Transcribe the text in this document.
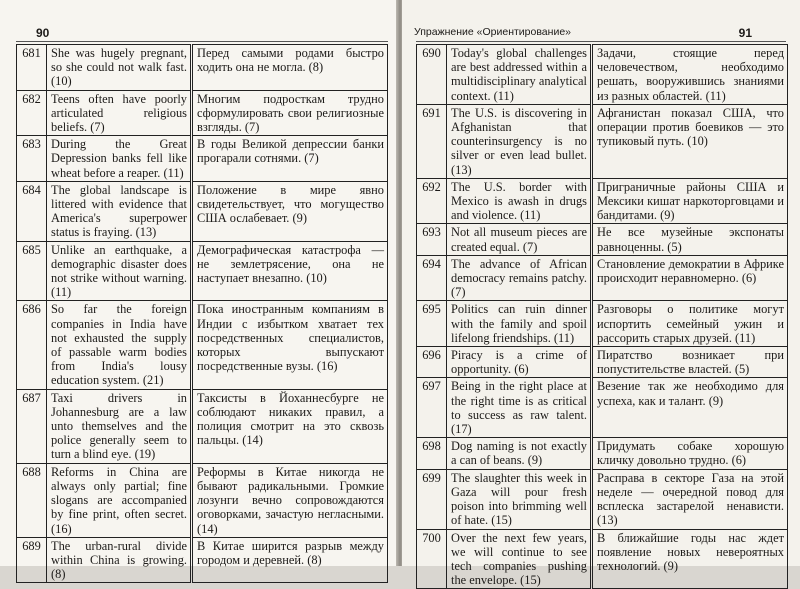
90
681	She was hugely pregnant, so she could not walk fast. (10)	Перед самыми родами быстро ходить она не могла. (8)
682	Teens often have poorly articulated religious beliefs. (7)	Многим подросткам трудно сформулировать свои религиозные взгляды. (7)
683	During the Great Depression banks fell like wheat before a reaper. (11)	В годы Великой депрессии банки прогарали сотнями. (7)
684	The global landscape is littered with evidence that America's superpower status is fraying. (13)	Положение в мире явно свидетельствует, что могущество США ослабевает. (9)
685	Unlike an earthquake, a demographic disaster does not strike without warning. (11)	Демографическая катастрофа — не землетрясение, она не наступает внезапно. (10)
686	So far the foreign companies in India have not exhausted the supply of passable warm bodies from India's lousy education system. (21)	Пока иностранным компаниям в Индии с избытком хватает тех посредственных специалистов, которых выпускают посредственные вузы. (16)
687	Taxi drivers in Johannesburg are a law unto themselves and the police generally seem to turn a blind eye. (19)	Таксисты в Йоханнесбурге не соблюдают никаких правил, а полиция смотрит на это сквозь пальцы. (14)
688	Reforms in China are always only partial; fine slogans are accompanied by fine print, often secret. (16)	Реформы в Китае никогда не бывают радикальными. Громкие лозунги вечно сопровождаются оговорками, зачастую негласными. (14)
689	The urban-rural divide within China is growing. (8)	В Китае ширится разрыв между городом и деревней. (8)
Упражнение «Ориентирование»	91
690	Today's global challenges are best addressed within a multidisciplinary analytical context. (11)	Задачи, стоящие перед человечеством, необходимо решать, вооружившись знаниями из разных областей. (11)
691	The U.S. is discovering in Afghanistan that counterinsurgency is no silver or even lead bullet. (13)	Афганистан показал США, что операции против боевиков — это тупиковый путь. (10)
692	The U.S. border with Mexico is awash in drugs and violence. (11)	Приграничные районы США и Мексики кишат наркоторговцами и бандитами. (9)
693	Not all museum pieces are created equal. (7)	Не все музейные экспонаты равноценны. (5)
694	The advance of African democracy remains patchy. (7)	Становление демократии в Африке происходит неравномерно. (6)
695	Politics can ruin dinner with the family and spoil lifelong friendships. (11)	Разговоры о политике могут испортить семейный ужин и рассорить старых друзей. (11)
696	Piracy is a crime of opportunity. (6)	Пиратство возникает при попустительстве властей. (5)
697	Being in the right place at the right time is as critical to success as raw talent. (17)	Везение так же необходимо для успеха, как и талант. (9)
698	Dog naming is not exactly a can of beans. (9)	Придумать собаке хорошую кличку довольно трудно. (6)
699	The slaughter this week in Gaza will pour fresh poison into brimming well of hate. (15)	Расправа в секторе Газа на этой неделе — очередной повод для всплеска застарелой ненависти. (13)
700	Over the next few years, we will continue to see tech companies pushing the envelope. (15)	В ближайшие годы нас ждет появление новых невероятных технологий. (9)
